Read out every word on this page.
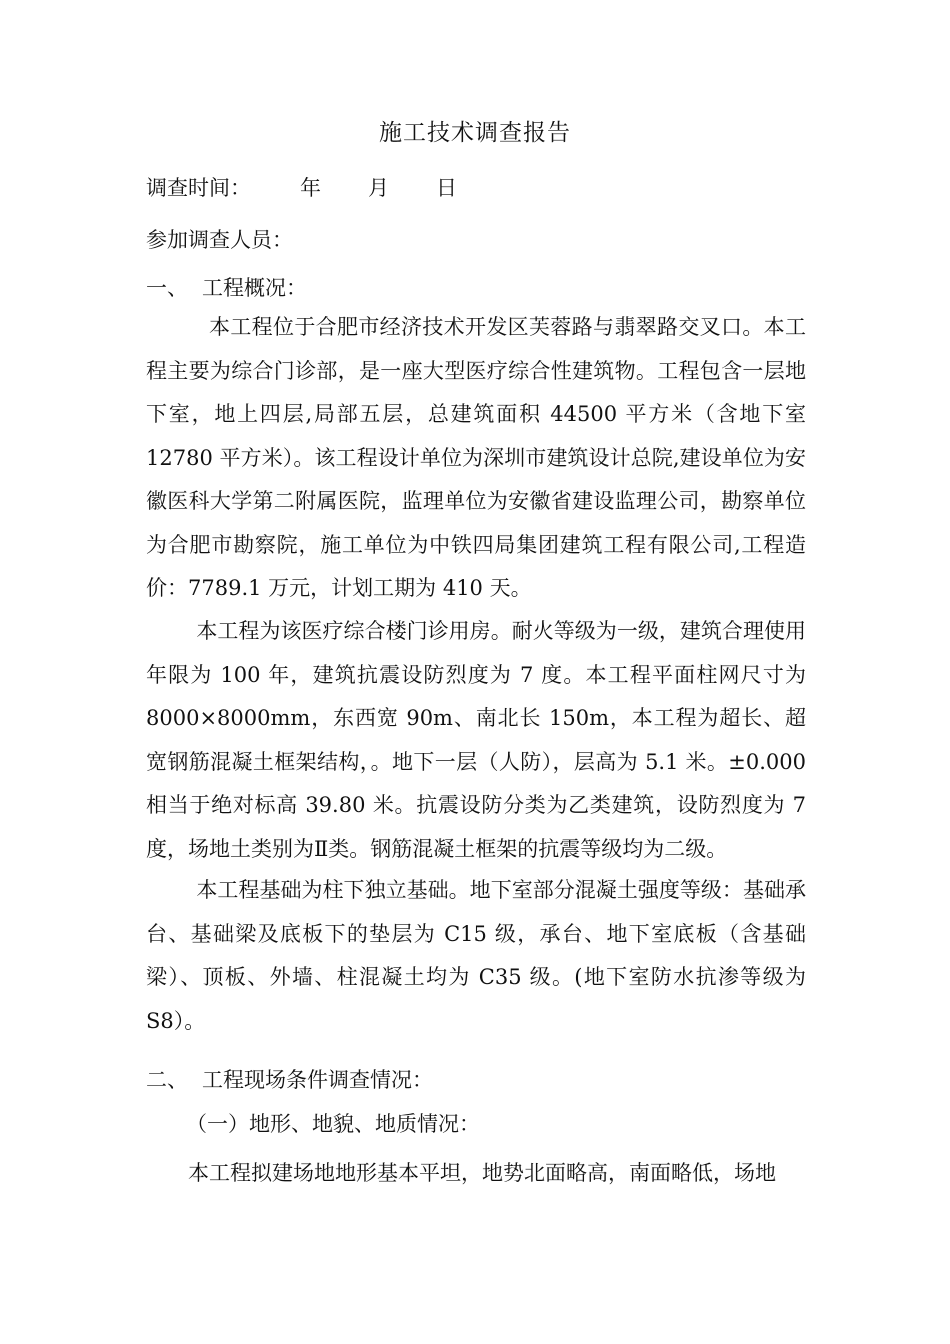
施工技术调查报告
调查时间： 年 月 日
参加调查人员：
一、 工程概况：
本工程位于合肥市经济技术开发区芙蓉路与翡翠路交叉口。本工程主要为综合门诊部，是一座大型医疗综合性建筑物。工程包含一层地下室，地上四层,局部五层，总建筑面积 44500 平方米（含地下室 12780 平方米）。该工程设计单位为深圳市建筑设计总院,建设单位为安徽医科大学第二附属医院，监理单位为安徽省建设监理公司，勘察单位为合肥市勘察院，施工单位为中铁四局集团建筑工程有限公司,工程造价：7789.1 万元，计划工期为 410 天。
本工程为该医疗综合楼门诊用房。耐火等级为一级，建筑合理使用年限为 100 年，建筑抗震设防烈度为 7 度。本工程平面柱网尺寸为 8000×8000mm，东西宽 90m、南北长 150m，本工程为超长、超宽钢筋混凝土框架结构，。地下一层（人防），层高为 5.1 米。±0.000 相当于绝对标高 39.80 米。抗震设防分类为乙类建筑，设防烈度为 7 度，场地土类别为Ⅱ类。钢筋混凝土框架的抗震等级均为二级。
本工程基础为柱下独立基础。地下室部分混凝土强度等级：基础承台、基础梁及底板下的垫层为 C15 级，承台、地下室底板（含基础梁）、顶板、外墙、柱混凝土均为 C35 级。(地下室防水抗渗等级为 S8）。
二、 工程现场条件调查情况：
（一）地形、地貌、地质情况：
本工程拟建场地地形基本平坦，地势北面略高，南面略低，场地
